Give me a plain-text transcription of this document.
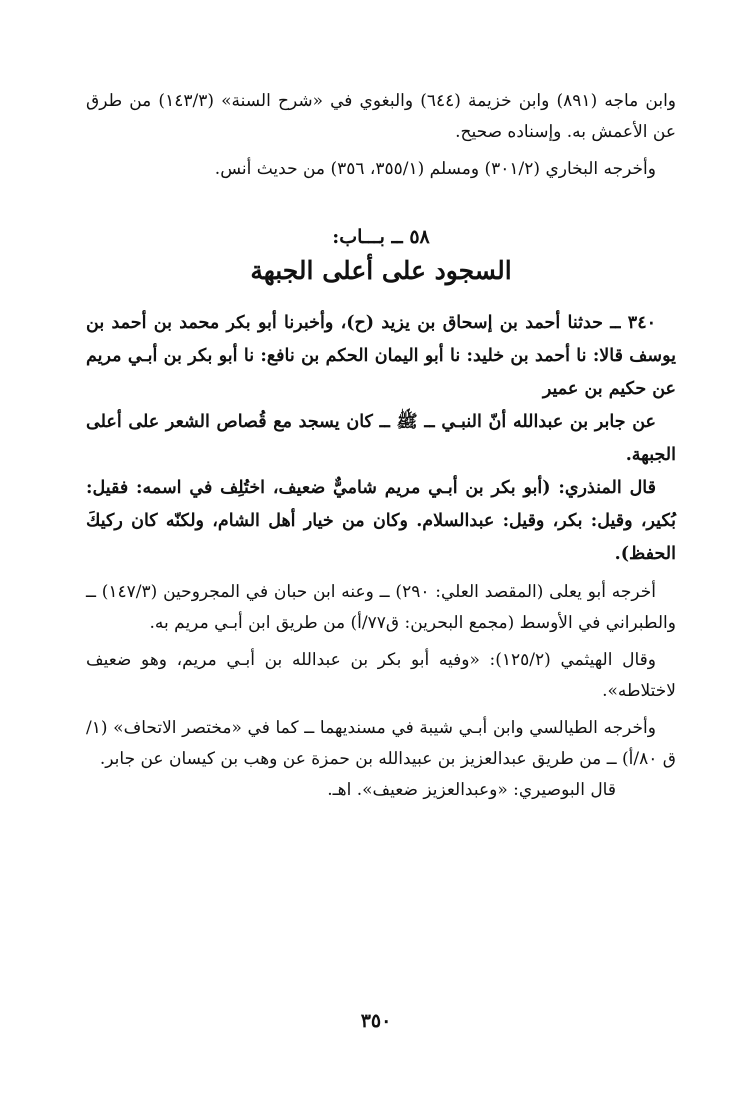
وابن ماجه (٨٩١) وابن خزيمة (٦٤٤) والبغوي في «شرح السنة» (١٤٣/٣) من طرق عن الأعمش به. وإسناده صحيح.

وأخرجه البخاري (٣٠١/٢) ومسلم (٣٥٥/١، ٣٥٦) من حديث أنس.

٥٨ ــ بـــاب:
السجود على أعلى الجبهة

٣٤٠ ــ حدثنا أحمد بن إسحاق بن يزيد (ح)، وأخبرنا أبو بكر محمد بن أحمد بن يوسف قالا: نا أحمد بن خليد: نا أبو اليمان الحكم بن نافع: نا أبو بكر بن أبـي مريم عن حكيم بن عمير

عن جابر بن عبدالله أنّ النبـي ــ ﷺ ــ كان يسجد مع قُصاص الشعر على أعلى الجبهة.

قال المنذري: (أبو بكر بن أبـي مريم شاميٌّ ضعيف، اختُلِف في اسمه: فقيل: بُكير، وقيل: بكر، وقيل: عبدالسلام. وكان من خيار أهل الشام، ولكنّه كان ركيكَ الحفظ).

أخرجه أبو يعلى (المقصد العلي: ٢٩٠) ــ وعنه ابن حبان في المجروحين (١٤٧/٣) ــ والطبراني في الأوسط (مجمع البحرين: ق٧٧/أ) من طريق ابن أبـي مريم به.

وقال الهيثمي (١٢٥/٢): «وفيه أبو بكر بن عبدالله بن أبـي مريم، وهو ضعيف لاختلاطه».

وأخرجه الطيالسي وابن أبـي شيبة في مسنديهما ــ كما في «مختصر الاتحاف» (١/ق ٨٠/أ) ــ من طريق عبدالعزيز بن عبيدالله بن حمزة عن وهب بن كيسان عن جابر.

قال البوصيري: «وعبدالعزيز ضعيف». اهـ.

٣٥٠
